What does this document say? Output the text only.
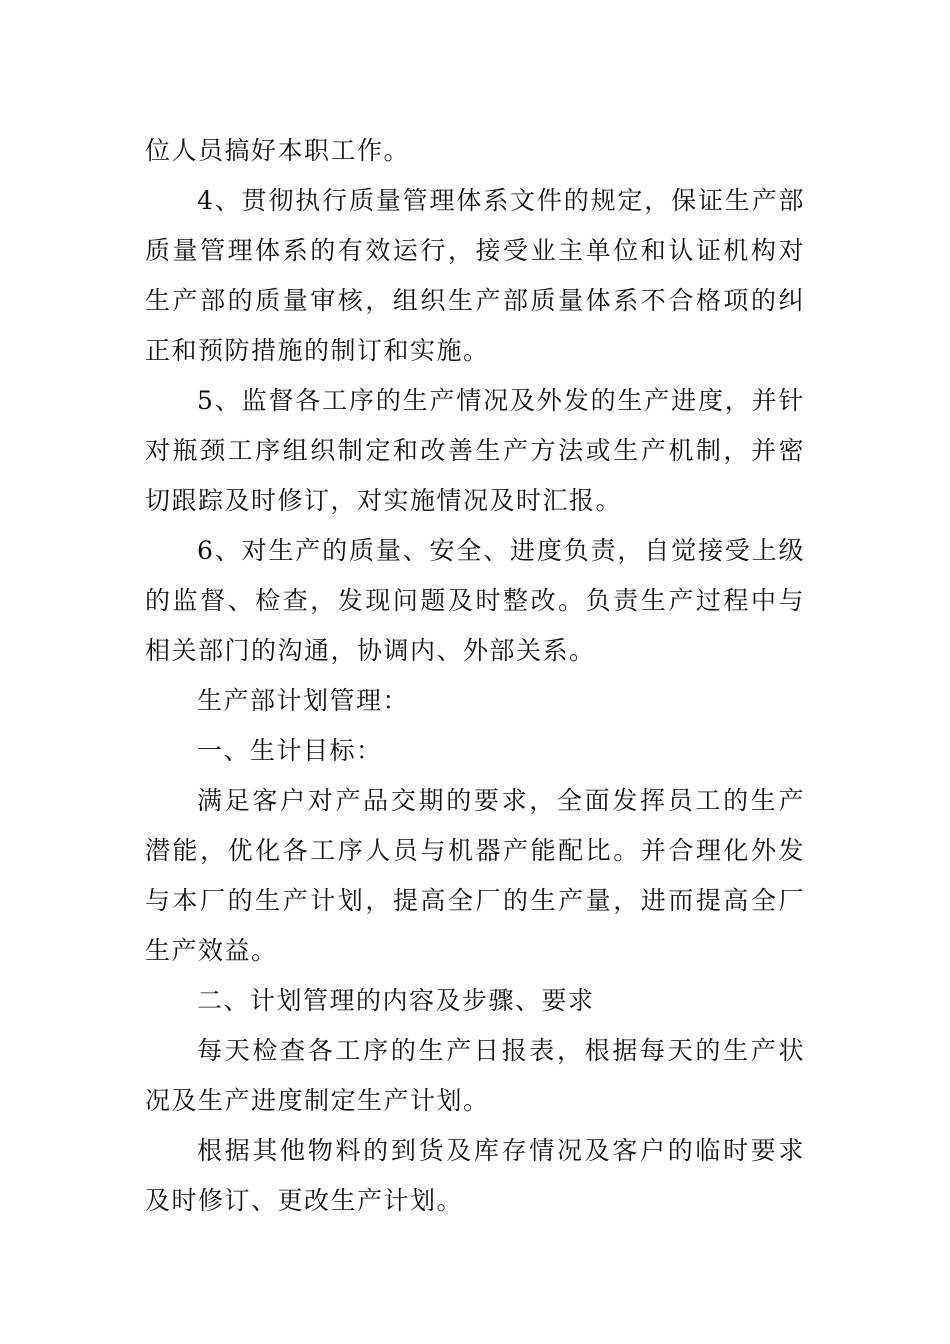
位人员搞好本职工作。

4、贯彻执行质量管理体系文件的规定，保证生产部质量管理体系的有效运行，接受业主单位和认证机构对生产部的质量审核，组织生产部质量体系不合格项的纠正和预防措施的制订和实施。

5、监督各工序的生产情况及外发的生产进度，并针对瓶颈工序组织制定和改善生产方法或生产机制，并密切跟踪及时修订，对实施情况及时汇报。

6、对生产的质量、安全、进度负责，自觉接受上级的监督、检查，发现问题及时整改。负责生产过程中与相关部门的沟通，协调内、外部关系。

生产部计划管理：

一、生计目标：

满足客户对产品交期的要求，全面发挥员工的生产潜能，优化各工序人员与机器产能配比。并合理化外发与本厂的生产计划，提高全厂的生产量，进而提高全厂生产效益。

二、计划管理的内容及步骤、要求

每天检查各工序的生产日报表，根据每天的生产状况及生产进度制定生产计划。

根据其他物料的到货及库存情况及客户的临时要求及时修订、更改生产计划。
